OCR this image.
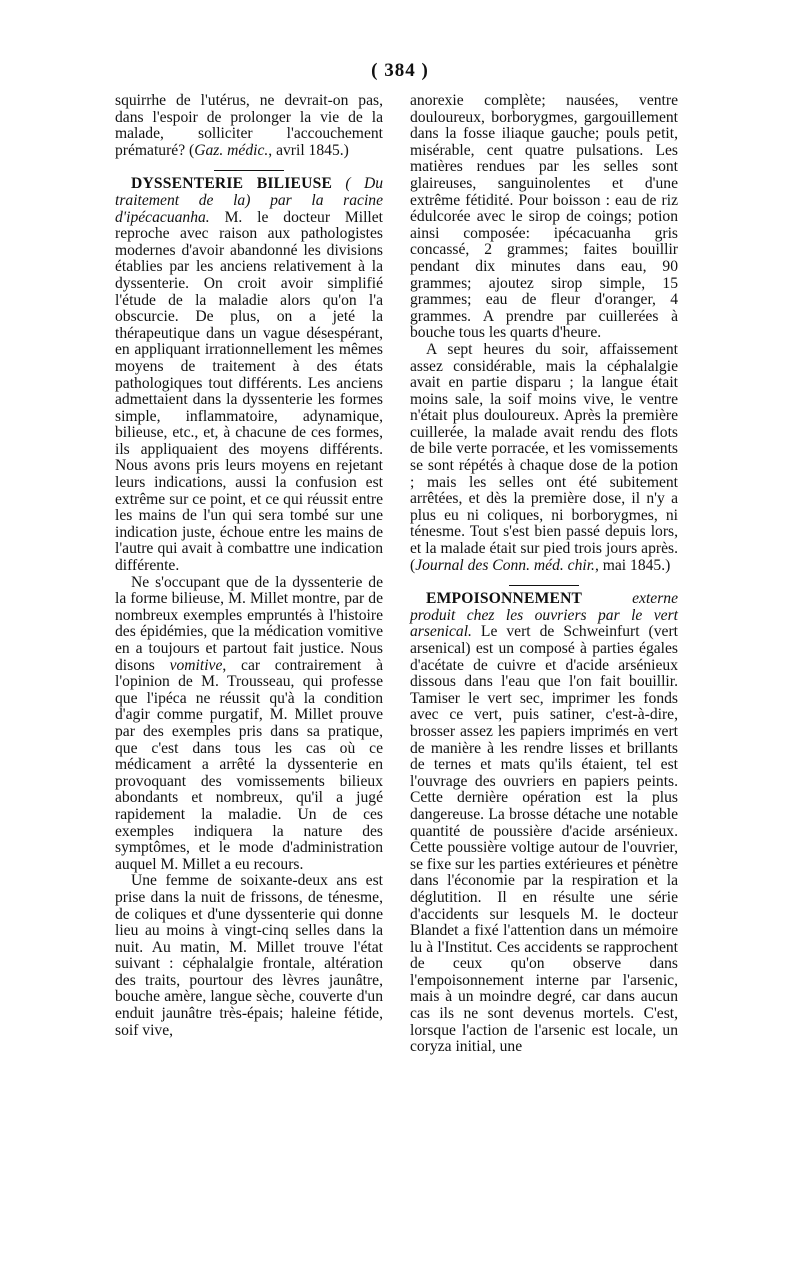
( 384 )

squirrhe de l'utérus, ne devrait-on pas, dans l'espoir de prolonger la vie de la malade, solliciter l'accouchement prématuré? (Gaz. médic., avril 1845.)

DYSSENTERIE BILIEUSE ( Du traitement de la) par la racine d'ipécacuanha. M. le docteur Millet reproche avec raison aux pathologistes modernes d'avoir abandonné les divisions établies par les anciens relativement à la dyssenterie. On croit avoir simplifié l'étude de la maladie alors qu'on l'a obscurcie. De plus, on a jeté la thérapeutique dans un vague désespérant, en appliquant irrationnellement les mêmes moyens de traitement à des états pathologiques tout différents. Les anciens admettaient dans la dyssenterie les formes simple, inflammatoire, adynamique, bilieuse, etc., et, à chacune de ces formes, ils appliquaient des moyens différents. Nous avons pris leurs moyens en rejetant leurs indications, aussi la confusion est extrême sur ce point, et ce qui réussit entre les mains de l'un qui sera tombé sur une indication juste, échoue entre les mains de l'autre qui avait à combattre une indication différente.

Ne s'occupant que de la dyssenterie de la forme bilieuse, M. Millet montre, par de nombreux exemples empruntés à l'histoire des épidémies, que la médication vomitive en a toujours et partout fait justice. Nous disons vomitive, car contrairement à l'opinion de M. Trousseau, qui professe que l'ipéca ne réussit qu'à la condition d'agir comme purgatif, M. Millet prouve par des exemples pris dans sa pratique, que c'est dans tous les cas où ce médicament a arrêté la dyssenterie en provoquant des vomissements bilieux abondants et nombreux, qu'il a jugé rapidement la maladie. Un de ces exemples indiquera la nature des symptômes, et le mode d'administration auquel M. Millet a eu recours.

Une femme de soixante-deux ans est prise dans la nuit de frissons, de ténesme, de coliques et d'une dyssenterie qui donne lieu au moins à vingt-cinq selles dans la nuit. Au matin, M. Millet trouve l'état suivant : céphalalgie frontale, altération des traits, pourtour des lèvres jaunâtre, bouche amère, langue sèche, couverte d'un enduit jaunâtre très-épais; haleine fétide, soif vive,

anorexie complète; nausées, ventre douloureux, borborygmes, gargouillement dans la fosse iliaque gauche; pouls petit, misérable, cent quatre pulsations. Les matières rendues par les selles sont glaireuses, sanguinolentes et d'une extrême fétidité. Pour boisson : eau de riz édulcorée avec le sirop de coings; potion ainsi composée: ipécacuanha gris concassé, 2 grammes; faites bouillir pendant dix minutes dans eau, 90 grammes; ajoutez sirop simple, 15 grammes; eau de fleur d'oranger, 4 grammes. A prendre par cuillerées à bouche tous les quarts d'heure.

A sept heures du soir, affaissement assez considérable, mais la céphalalgie avait en partie disparu ; la langue était moins sale, la soif moins vive, le ventre n'était plus douloureux. Après la première cuillerée, la malade avait rendu des flots de bile verte porracée, et les vomissements se sont répétés à chaque dose de la potion ; mais les selles ont été subitement arrêtées, et dès la première dose, il n'y a plus eu ni coliques, ni borborygmes, ni ténesme. Tout s'est bien passé depuis lors, et la malade était sur pied trois jours après. (Journal des Conn. méd. chir., mai 1845.)

EMPOISONNEMENT	externe produit chez les ouvriers par le vert arsenical. Le vert de Schweinfurt (vert arsenical) est un composé à parties égales d'acétate de cuivre et d'acide arsénieux dissous dans l'eau que l'on fait bouillir. Tamiser le vert sec, imprimer les fonds avec ce vert, puis satiner, c'est-à-dire, brosser assez les papiers imprimés en vert de manière à les rendre lisses et brillants de ternes et mats qu'ils étaient, tel est l'ouvrage des ouvriers en papiers peints. Cette dernière opération est la plus dangereuse. La brosse détache une notable quantité de poussière d'acide arsénieux. Cette poussière voltige autour de l'ouvrier, se fixe sur les parties extérieures et pénètre dans l'économie par la respiration et la déglutition. Il en résulte une série d'accidents sur lesquels M. le docteur Blandet a fixé l'attention dans un mémoire lu à l'Institut. Ces accidents se rapprochent de ceux qu'on observe dans l'empoisonnement interne par l'arsenic, mais à un moindre degré, car dans aucun cas ils ne sont devenus mortels. C'est, lorsque l'action de l'arsenic est locale, un coryza initial, une
